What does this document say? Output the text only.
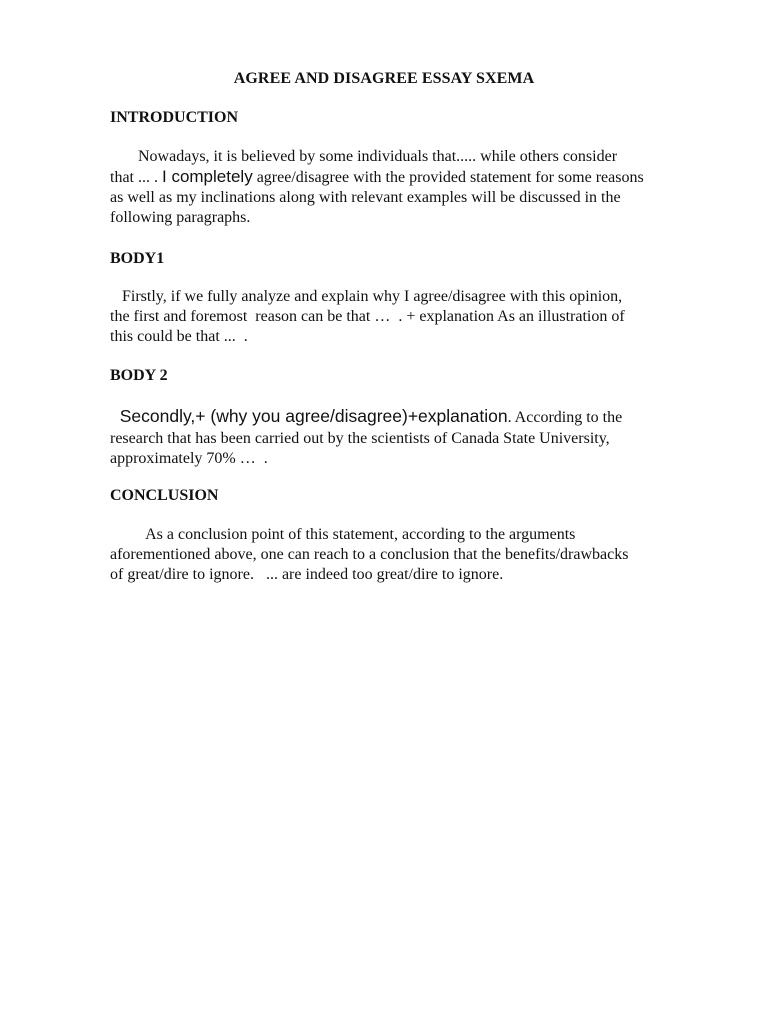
AGREE AND DISAGREE ESSAY SXEMA
INTRODUCTION
Nowadays, it is believed by some individuals that..... while others consider
that ... . I completely agree/disagree with the provided statement for some reasons
as well as my inclinations along with relevant examples will be discussed in the
following paragraphs.
BODY1
Firstly, if we fully analyze and explain why I agree/disagree with this opinion,
the first and foremost  reason can be that …  . + explanation As an illustration of
this could be that ...  .
BODY 2
Secondly,+ (why you agree/disagree)+explanation. According to the
research that has been carried out by the scientists of Canada State University,
approximately 70% …  .
CONCLUSION
As a conclusion point of this statement, according to the arguments
aforementioned above, one can reach to a conclusion that the benefits/drawbacks
of great/dire to ignore.   ... are indeed too great/dire to ignore.
